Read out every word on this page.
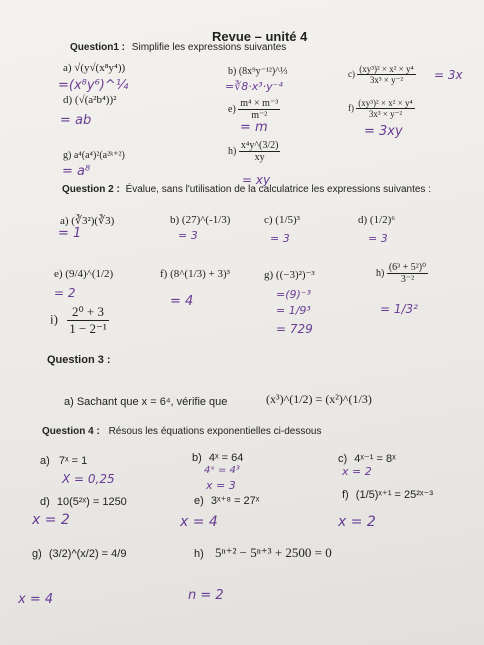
Revue – unité 4
Question1 : Simplifie les expressions suivantes
a) √(y√(x⁸y⁴))
=(x⁸y⁶)^¼
b) (8x⁹y⁻¹²)^⅓
=∛8·x³·y⁻⁴
$c) \frac{\text{(xy³)² × x² × y⁴}}{\text{3x³ × y⁻²}} = 3x$
d) (√(a²b⁴))²
= ab
$e) \frac{\text{m⁴ × m⁻³}}{\text{m⁻²}}$
= m
$f) \frac{\text{(xy³)² × x² × y⁴}}{\text{3x³ × y⁻²}}$
= 3xy
g) a⁴(a⁴)²(a²ᵏ⁺²)
= a⁸
$h) \frac{\text{x⁴y\textasciicircum{}(3/2)}}{xy}$
= xy
Question 2 : Évalue, sans l'utilisation de la calculatrice les expressions suivantes :
a) (∛3²)(∛3)
= 1
b) (27)^(-1/3)
= 3
c) (1/5)³
= 3
d) (1/2)⁶
= 3
e) (9/4)^(1/2)
= 2
f) (8^(1/3) + 3)³
= 4
g) ((−3)²)⁻³
=(9)⁻³
= 1/9³
= 729
$h) \frac{\text{(6³ + 5²)⁰}}{\text{3⁻²}}$
= 1/3²
$i) \frac{\text{2⁰ + 3}}{\text{1 − 2⁻¹}}$
Question 3 :
a) Sachant que x = 6⁴, vérifie que	(x³)^(1/2) = (x²)^(1/3)
Question 4 : Résous les équations exponentielles ci-dessous
a) 7ˣ = 1
X = 0,25
b) 4ˣ = 64
4ˣ = 4³
x = 3
c) 4ˣ⁻¹ = 8ˣ
x = 2
d) 10(5²ˣ) = 1250
x = 2
e) 3ˣ⁺⁸ = 27ˣ
x = 4
f) (1/5)ˣ⁺¹ = 25²ˣ⁻³
x = 2
g) (3/2)^(x/2) = 4/9
x = 4
h) 5ⁿ⁺² − 5ⁿ⁺³ + 2500 = 0
n = 2
